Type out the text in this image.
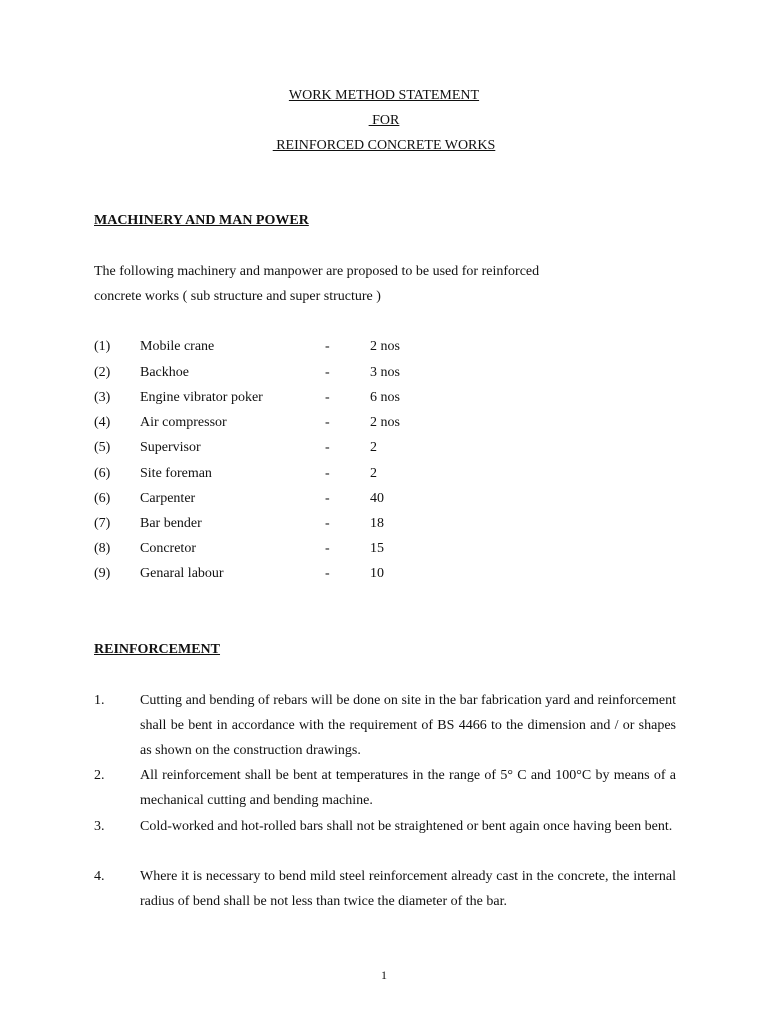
WORK METHOD STATEMENT
FOR
REINFORCED CONCRETE WORKS
MACHINERY AND MAN POWER
The following machinery and manpower are proposed to be used for reinforced
concrete works ( sub structure and super structure )
(1) Mobile crane	-	2 nos
(2) Backhoe	-	3 nos
(3) Engine vibrator poker	-	6 nos
(4) Air compressor	-	2 nos
(5) Supervisor	-	2
(6) Site foreman	-	2
(6) Carpenter	-	40
(7) Bar bender	-	18
(8) Concretor	-	15
(9) Genaral labour	-	10
REINFORCEMENT
1.	Cutting and bending of rebars will be done on site in the bar fabrication yard and reinforcement shall be bent in accordance with the requirement of BS 4466 to the dimension and / or shapes as shown on the construction drawings.
2.	All reinforcement shall be bent at temperatures in the range of 5° C and 100°C by means of a mechanical cutting and bending machine.
3.	Cold-worked and hot-rolled bars shall not be straightened or bent again once having been bent.
4.	Where it is necessary to bend mild steel reinforcement already cast in the concrete, the internal radius of bend shall be not less than twice the diameter of the bar.
1
